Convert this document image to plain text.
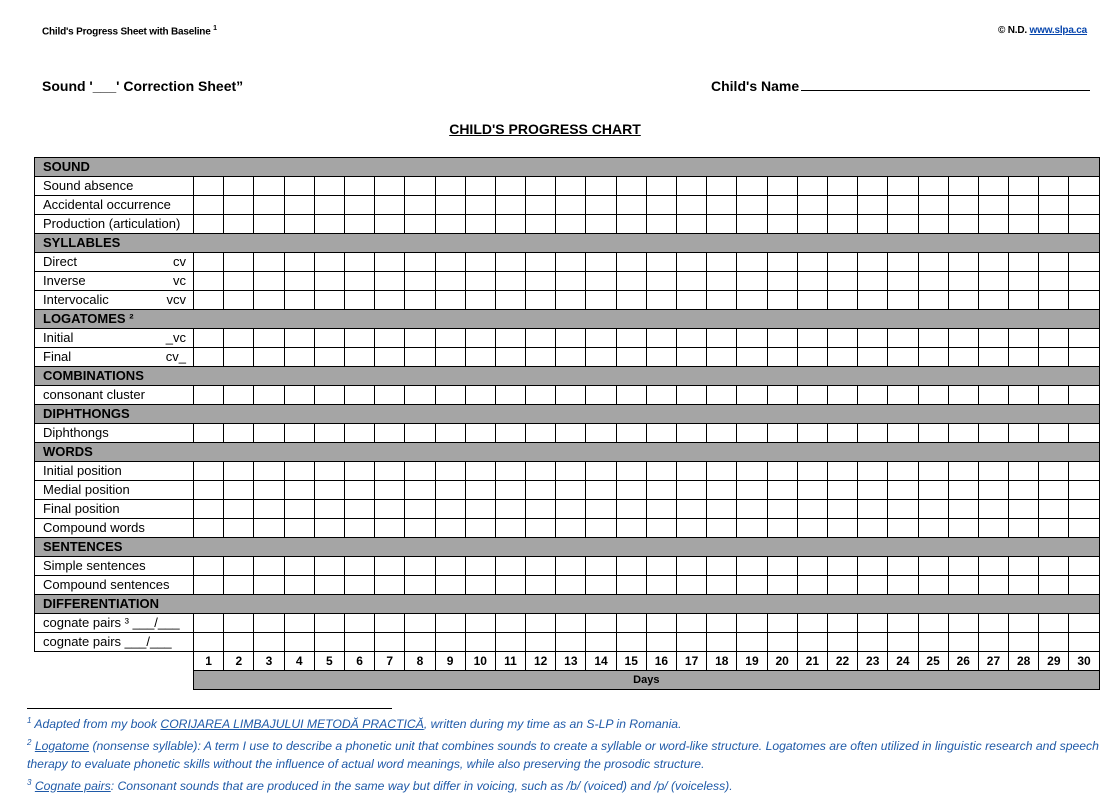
Child's Progress Sheet with Baseline $^1$	© N.D. www.slpa.ca
Sound '___' Correction Sheet”	Child's Name
CHILD'S PROGRESS CHART
SOUND																														
Sound absence																														
Accidental occurrence																														
Production (articulation)																														
SYLLABLES																														
Direct cv																														

Inverse vc																														

Intervocalic vcv																														

LOGATOMES ²																														
Initial _vc																														

Final cv_																														

COMBINATIONS																														
consonant cluster																														
DIPHTHONGS																														
Diphthongs																														
WORDS																														
Initial position																														
Medial position																														
Final position																														
Compound words																														
SENTENCES																														
Simple sentences																														
Compound sentences																														
DIFFERENTIATION																														
cognate pairs ³ ___/___																														
cognate pairs ___/___																														
	1	2	3	4	5	6	7	8	9	10	11	12	13	14	15	16	17	18	19	20	21	22	23	24	25	26	27	28	29	30
	Days																													

$^1$ Adapted from my book CORIJAREA LIMBAJULUI METODĂ PRACTICĂ, written during my time as an S-LP in Romania.

$^2$ Logatome (nonsense syllable): A term I use to describe a phonetic unit that combines sounds to create a syllable or word-like structure. Logatomes are often utilized in linguistic research and speech therapy to evaluate phonetic skills without the influence of actual word meanings, while also preserving the prosodic structure.

$^3$ Cognate pairs: Consonant sounds that are produced in the same way but differ in voicing, such as /b/ (voiced) and /p/ (voiceless).
